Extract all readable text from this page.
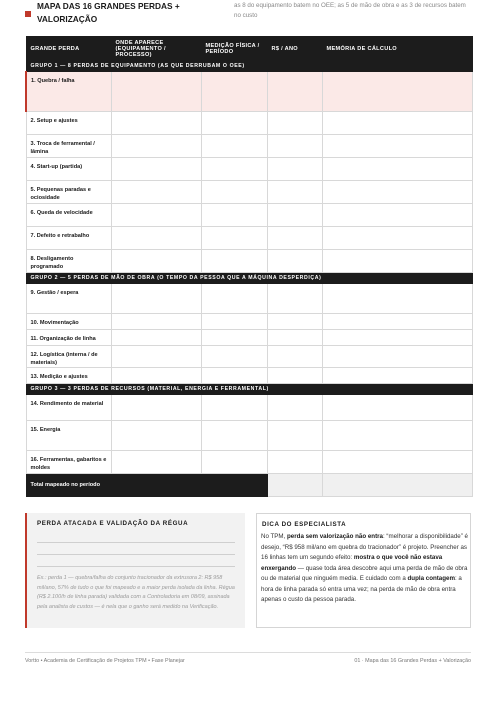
MAPA DAS 16 GRANDES PERDAS + VALORIZAÇÃO
as 8 do equipamento batem no OEE; as 5 de mão de obra e as 3 de recursos batem no custo
GRANDE PERDA	ONDE APARECE (EQUIPAMENTO / PROCESSO)	MEDIÇÃO FÍSICA / PERÍODO	R$ / ANO	MEMÓRIA DE CÁLCULO
GRUPO 1 — 8 PERDAS DE EQUIPAMENTO (AS QUE DERRUBAM O OEE)				
1. Quebra / falha				
2. Setup e ajustes				
3. Troca de ferramental / lâmina				
4. Start-up (partida)				
5. Pequenas paradas e ociosidade				
6. Queda de velocidade				
7. Defeito e retrabalho				
8. Desligamento programado				
GRUPO 2 — 5 PERDAS DE MÃO DE OBRA (O TEMPO DA PESSOA QUE A MÁQUINA DESPERDIÇA)				
9. Gestão / espera				
10. Movimentação				
11. Organização de linha				
12. Logística (interna / de materiais)				
13. Medição e ajustes				
GRUPO 3 — 3 PERDAS DE RECURSOS (MATERIAL, ENERGIA E FERRAMENTAL)				
14. Rendimento de material				
15. Energia				
16. Ferramentas, gabaritos e moldes				
Total mapeado no período				
PERDA ATACADA E VALIDAÇÃO DA RÉGUA
Ex.: perda 1 — quebra/falha do conjunto tracionador da extrusora 2: R$ 958 mil/ano, 57% de tudo o que foi mapeado e a maior perda isolada da linha. Régua (R$ 2.100/h de linha parada) validada com a Controladoria em 08/09, assinada pela analista de custos — é nela que o ganho será medido na Verificação.
DICA DO ESPECIALISTA
No TPM, perda sem valorização não entra: “melhorar a disponibilidade” é desejo, “R$ 958 mil/ano em quebra do tracionador” é projeto. Preencher as 16 linhas tem um segundo efeito: mostra o que você não estava enxergando — quase toda área descobre aqui uma perda de mão de obra ou de material que ninguém media. E cuidado com a dupla contagem: a hora de linha parada só entra uma vez; na perda de mão de obra entra apenas o custo da pessoa parada.
Vortto • Academia de Certificação de Projetos TPM • Fase Planejar	01 · Mapa das 16 Grandes Perdas + Valorização
